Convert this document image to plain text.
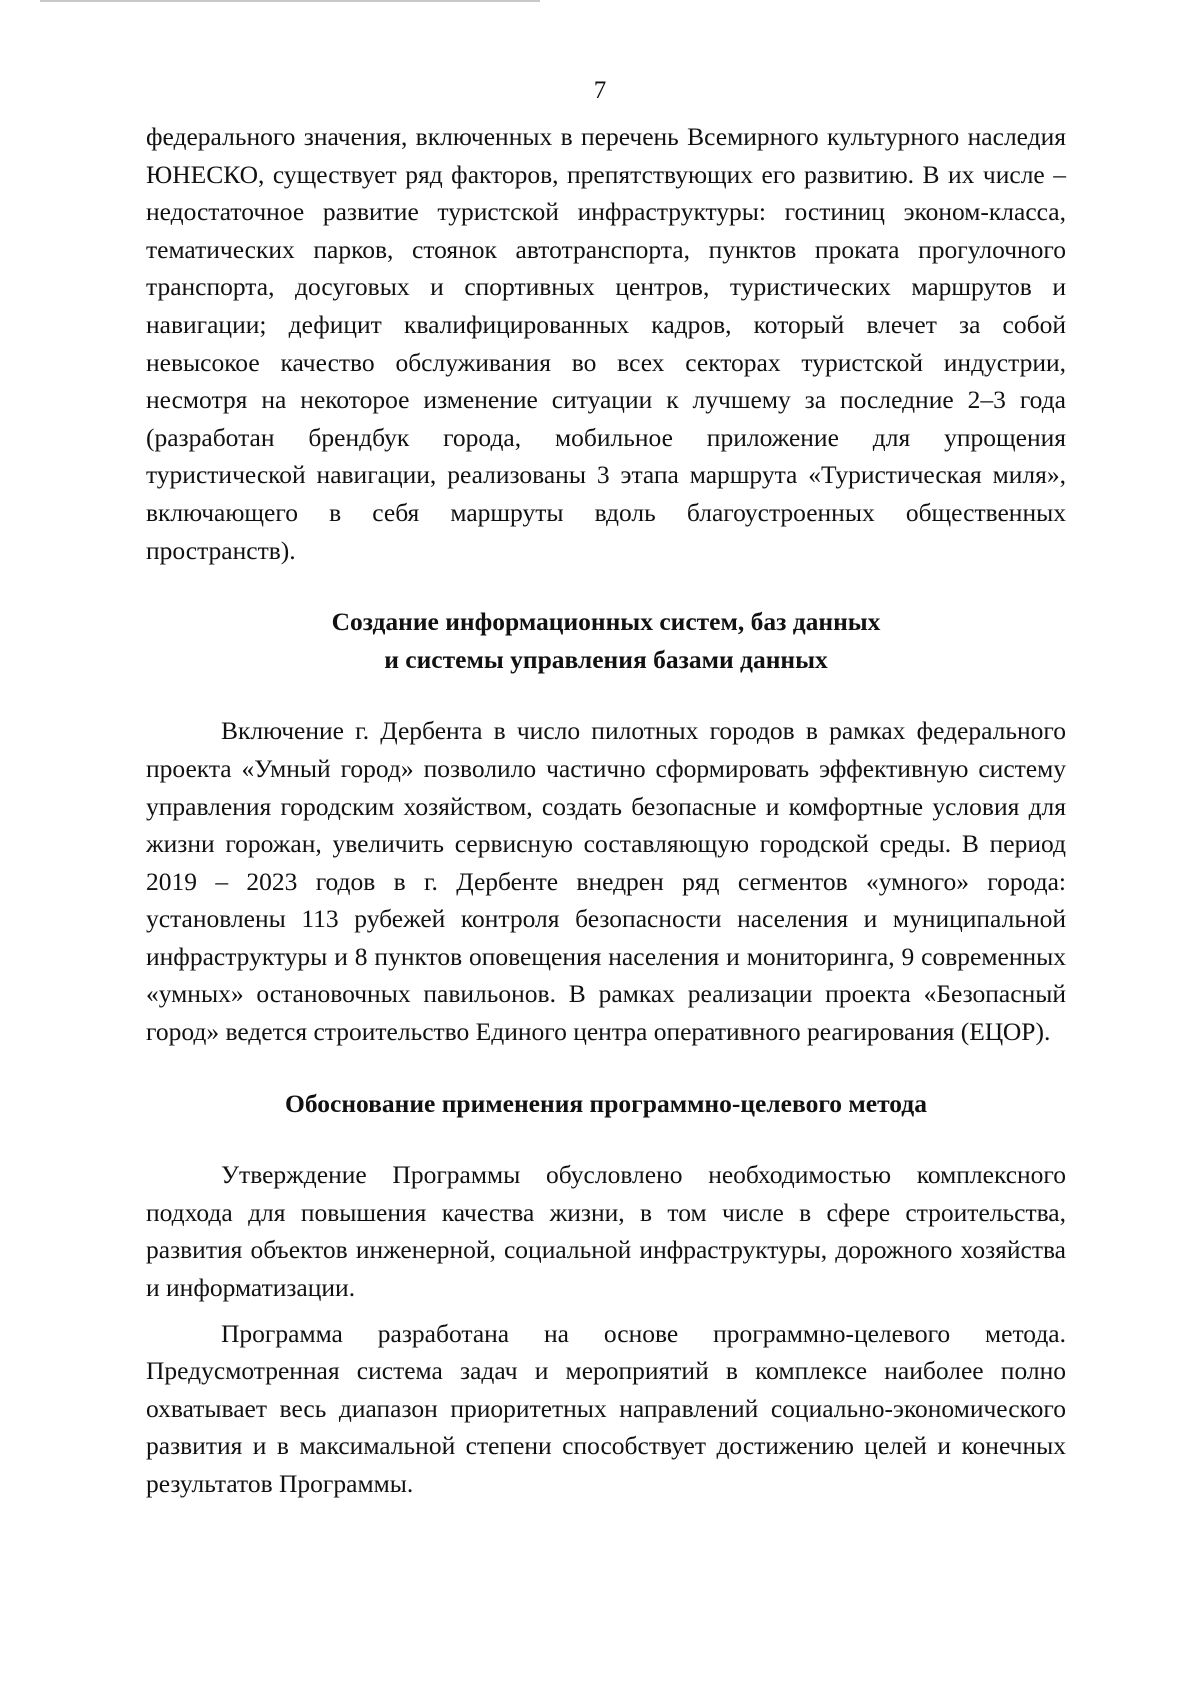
7

федерального значения, включенных в перечень Всемирного культурного наследия ЮНЕСКО, существует ряд факторов, препятствующих его развитию. В их числе – недостаточное развитие туристской инфраструктуры: гостиниц эконом-класса, тематических парков, стоянок автотранспорта, пунктов проката прогулочного транспорта, досуговых и спортивных центров, туристических маршрутов и навигации; дефицит квалифицированных кадров, который влечет за собой невысокое качество обслуживания во всех секторах туристской индустрии, несмотря на некоторое изменение ситуации к лучшему за последние 2–3 года (разработан брендбук города, мобильное приложение для упрощения туристической навигации, реализованы 3 этапа маршрута «Туристическая миля», включающего в себя маршруты вдоль благоустроенных общественных пространств).

Создание информационных систем, баз данных
и системы управления базами данных

Включение г. Дербента в число пилотных городов в рамках федерального проекта «Умный город» позволило частично сформировать эффективную систему управления городским хозяйством, создать безопасные и комфортные условия для жизни горожан, увеличить сервисную составляющую городской среды. В период 2019 – 2023 годов в г. Дербенте внедрен ряд сегментов «умного» города: установлены 113 рубежей контроля безопасности населения и муниципальной инфраструктуры и 8 пунктов оповещения населения и мониторинга, 9 современных «умных» остановочных павильонов. В рамках реализации проекта «Безопасный город» ведется строительство Единого центра оперативного реагирования (ЕЦОР).

Обоснование применения программно-целевого метода

Утверждение Программы обусловлено необходимостью комплексного подхода для повышения качества жизни, в том числе в сфере строительства, развития объектов инженерной, социальной инфраструктуры, дорожного хозяйства и информатизации.

Программа разработана на основе программно-целевого метода. Предусмотренная система задач и мероприятий в комплексе наиболее полно охватывает весь диапазон приоритетных направлений социально-экономического развития и в максимальной степени способствует достижению целей и конечных результатов Программы.
